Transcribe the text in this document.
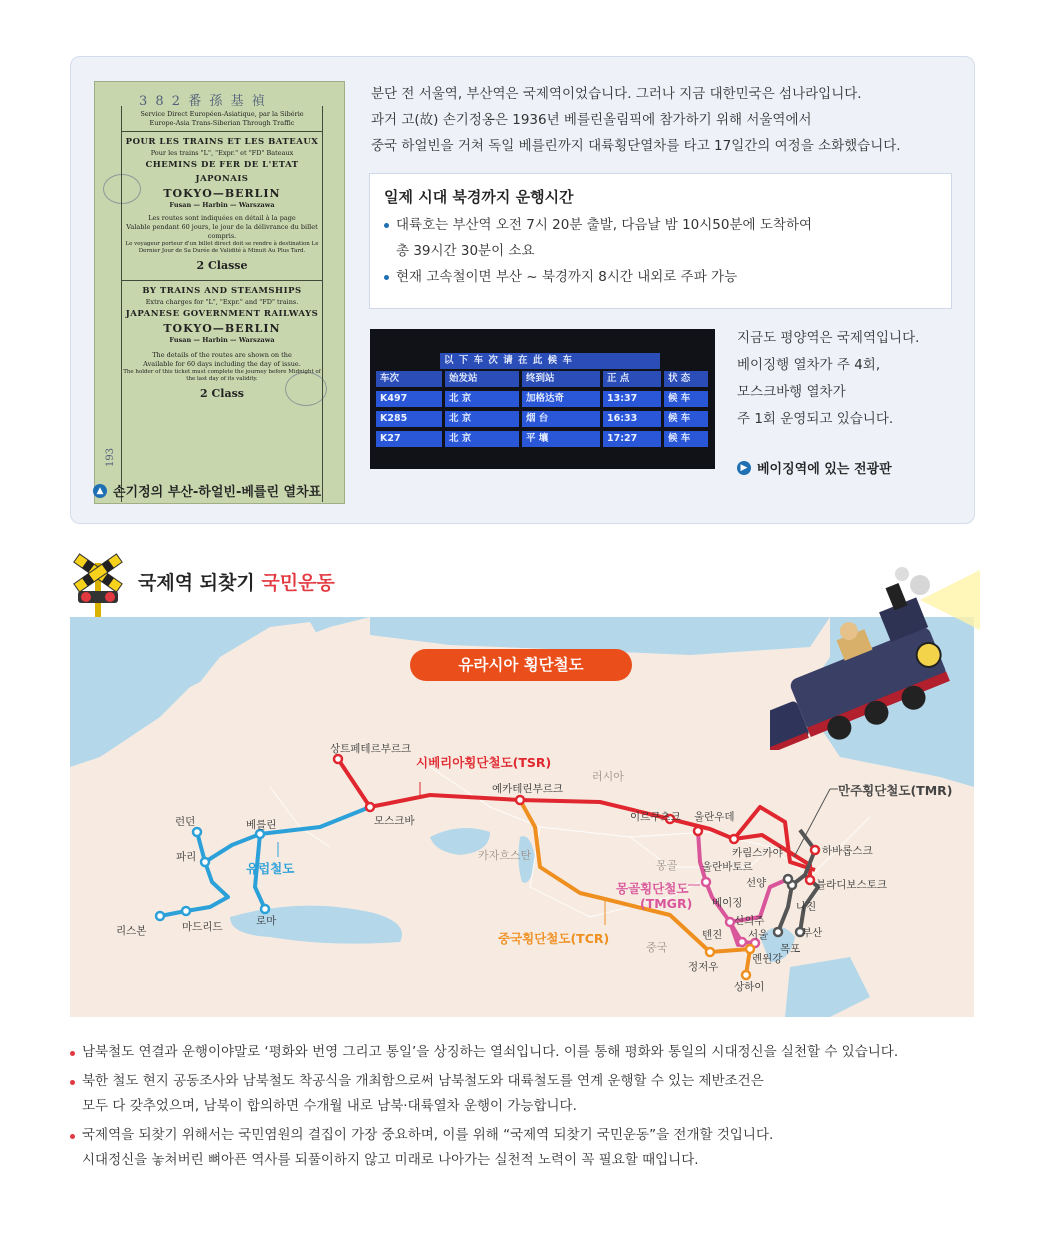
3 8 2 番 孫 基 禎
193
Service Direct Européen-Asiatique, par la Sibérie
Europe-Asia Trans-Siberian Through Traffic
POUR LES TRAINS ET LES BATEAUX
Pour les trains "L", "Expr." et "FD" Bateaux
CHEMINS DE FER DE L'ETAT JAPONAIS
TOKYO—BERLIN
Fusan — Harbin — Warszawa
Les routes sont indiquées en détail à la page
Valable pendant 60 jours, le jour de la délivrance du billet compris.
Le voyageur porteur d'un billet direct doit se rendre à destination Le Dernier Jour de Sa Durée de Validité à Minuit Au Plus Tard.
2 Classe
BY TRAINS AND STEAMSHIPS
Extra charges for "L", "Expr." and "FD" trains.
JAPANESE GOVERNMENT RAILWAYS
TOKYO—BERLIN
Fusan — Harbin — Warszawa
The details of the routes are shown on the
Available for 60 days including the day of issue.
The holder of this ticket must complete the journey before Midnight of the last day of its validity.
2 Class
▲ 손기정의 부산-하얼빈-베를린 열차표
분단 전 서울역, 부산역은 국제역이었습니다. 그러나 지금 대한민국은 섬나라입니다.
과거 고(故) 손기정옹은 1936년 베를린올림픽에 참가하기 위해 서울역에서
중국 하얼빈을 거쳐 독일 베를린까지 대륙횡단열차를 타고 17일간의 여정을 소화했습니다.
일제 시대 북경까지 운행시간
대륙호는 부산역 오전 7시 20분 출발, 다음날 밤 10시50분에 도착하여
총 39시간 30분이 소요
현재 고속철이면 부산 ~ 북경까지 8시간 내외로 주파 가능
以 下 车 次 请 在 此 候 车
车次	始发站	终到站	正 点	状 态
K497	北 京	加格达奇	13:37	候 车
K285	北 京	烟 台	16:33	候 车
K27	北 京	平 壤	17:27	候 车
지금도 평양역은 국제역입니다.
베이징행 열차가 주 4회,
모스크바행 열차가
주 1회 운영되고 있습니다.
▶ 베이징역에 있는 전광판
국제역 되찾기 국민운동
유라시아 횡단철도
시베리아횡단철도(TSR)
유럽철도
중국횡단철도(TCR)
몽골횡단철도
(TMGR)
만주횡단철도(TMR)
러시아
카자흐스탄
몽골
중국
상트페테르부르크
모스크바
예카테린부르크
이르쿠츠크 울란우데
카림스카야	하바롭스크
블라디보스토크
울란바토르
선양
베이징
텐진
신의주
서울	부산
목포
나진
롄윈강
정저우
상하이
런던
파리
베를린
마드리드
리스본
로마
남북철도 연결과 운행이야말로 ‘평화와 번영 그리고 통일’을 상징하는 열쇠입니다. 이를 통해 평화와 통일의 시대정신을 실천할 수 있습니다.
북한 철도 현지 공동조사와 남북철도 착공식을 개최함으로써 남북철도와 대륙철도를 연계 운행할 수 있는 제반조건은
모두 다 갖추었으며, 남북이 합의하면 수개월 내로 남북·대륙열차 운행이 가능합니다.
국제역을 되찾기 위해서는 국민염원의 결집이 가장 중요하며, 이를 위해 “국제역 되찾기 국민운동”을 전개할 것입니다.
시대정신을 놓쳐버린 뼈아픈 역사를 되풀이하지 않고 미래로 나아가는 실천적 노력이 꼭 필요할 때입니다.
